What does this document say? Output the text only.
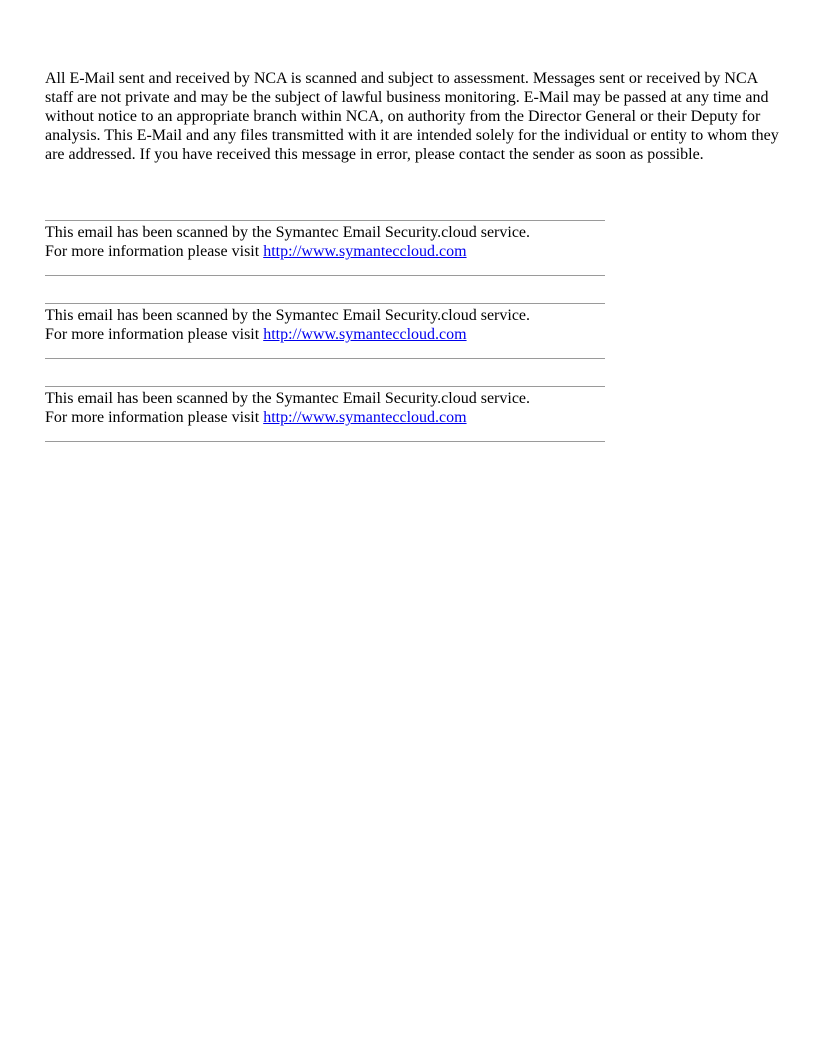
All E-Mail sent and received by NCA is scanned and subject to assessment. Messages sent or received by NCA staff are not private and may be the subject of lawful business monitoring. E-Mail may be passed at any time and without notice to an appropriate branch within NCA, on authority from the Director General or their Deputy for analysis. This E-Mail and any files transmitted with it are intended solely for the individual or entity to whom they are addressed. If you have received this message in error, please contact the sender as soon as possible.

This email has been scanned by the Symantec Email Security.cloud service.
For more information please visit http://www.symanteccloud.com
This email has been scanned by the Symantec Email Security.cloud service.
For more information please visit http://www.symanteccloud.com
This email has been scanned by the Symantec Email Security.cloud service.
For more information please visit http://www.symanteccloud.com
